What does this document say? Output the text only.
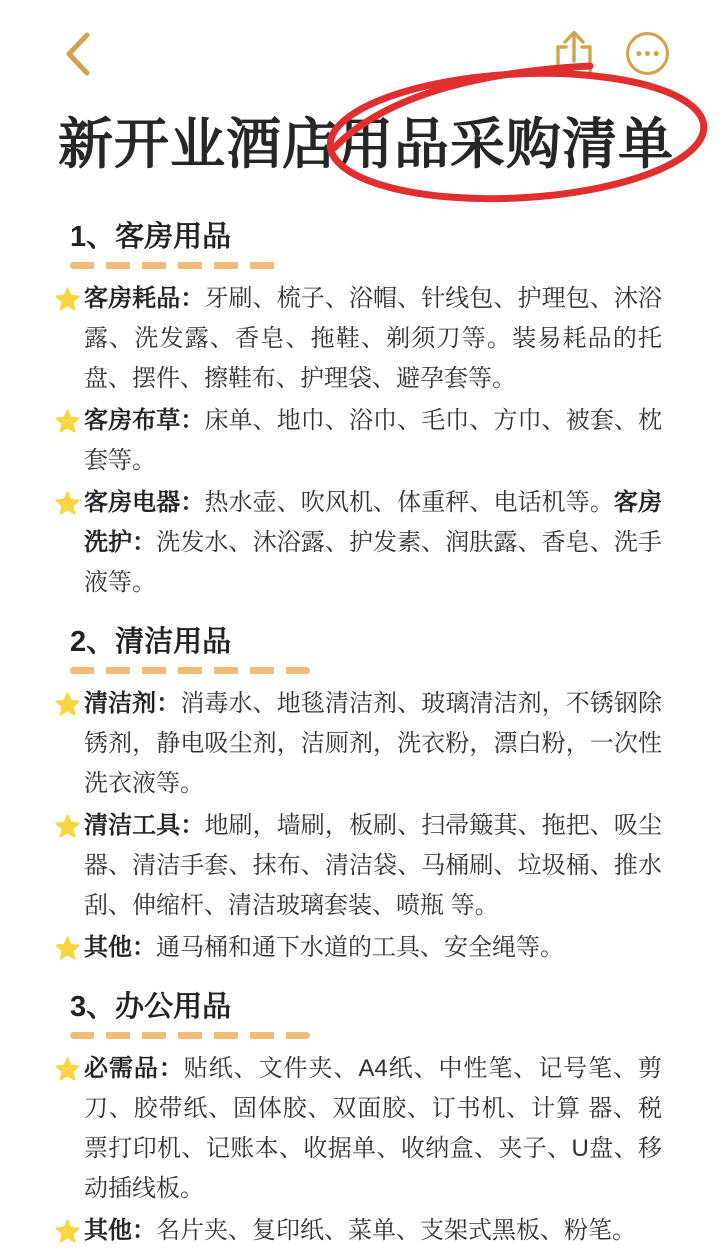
新开业酒店用品采购清单
1、客房用品

客房耗品：牙刷、梳子、浴帽、针线包、护理包、沐浴露、洗发露、香皂、拖鞋、剃须刀等。装易耗品的托盘、摆件、擦鞋布、护理袋、避孕套等。

客房布草：床单、地巾、浴巾、毛巾、方巾、被套、枕套等。

客房电器：热水壶、吹风机、体重秤、电话机等。客房洗护：洗发水、沐浴露、护发素、润肤露、香皂、洗手液等。

2、清洁用品

清洁剂：消毒水、地毯清洁剂、玻璃清洁剂，不锈钢除锈剂，静电吸尘剂，洁厕剂，洗衣粉，漂白粉，一次性洗衣液等。

清洁工具：地刷，墙刷，板刷、扫帚簸萁、拖把、吸尘器、清洁手套、抹布、清洁袋、马桶刷、垃圾桶、推水刮、伸缩杆、清洁玻璃套装、喷瓶 等。

其他：通马桶和通下水道的工具、安全绳等。

3、办公用品

必需品：贴纸、文件夹、A4纸、中性笔、记号笔、剪刀、胶带纸、固体胶、双面胶、订书机、计算 器、税票打印机、记账本、收据单、收纳盒、夹子、U盘、移动插线板。

其他：名片夹、复印纸、菜单、支架式黑板、粉笔。
